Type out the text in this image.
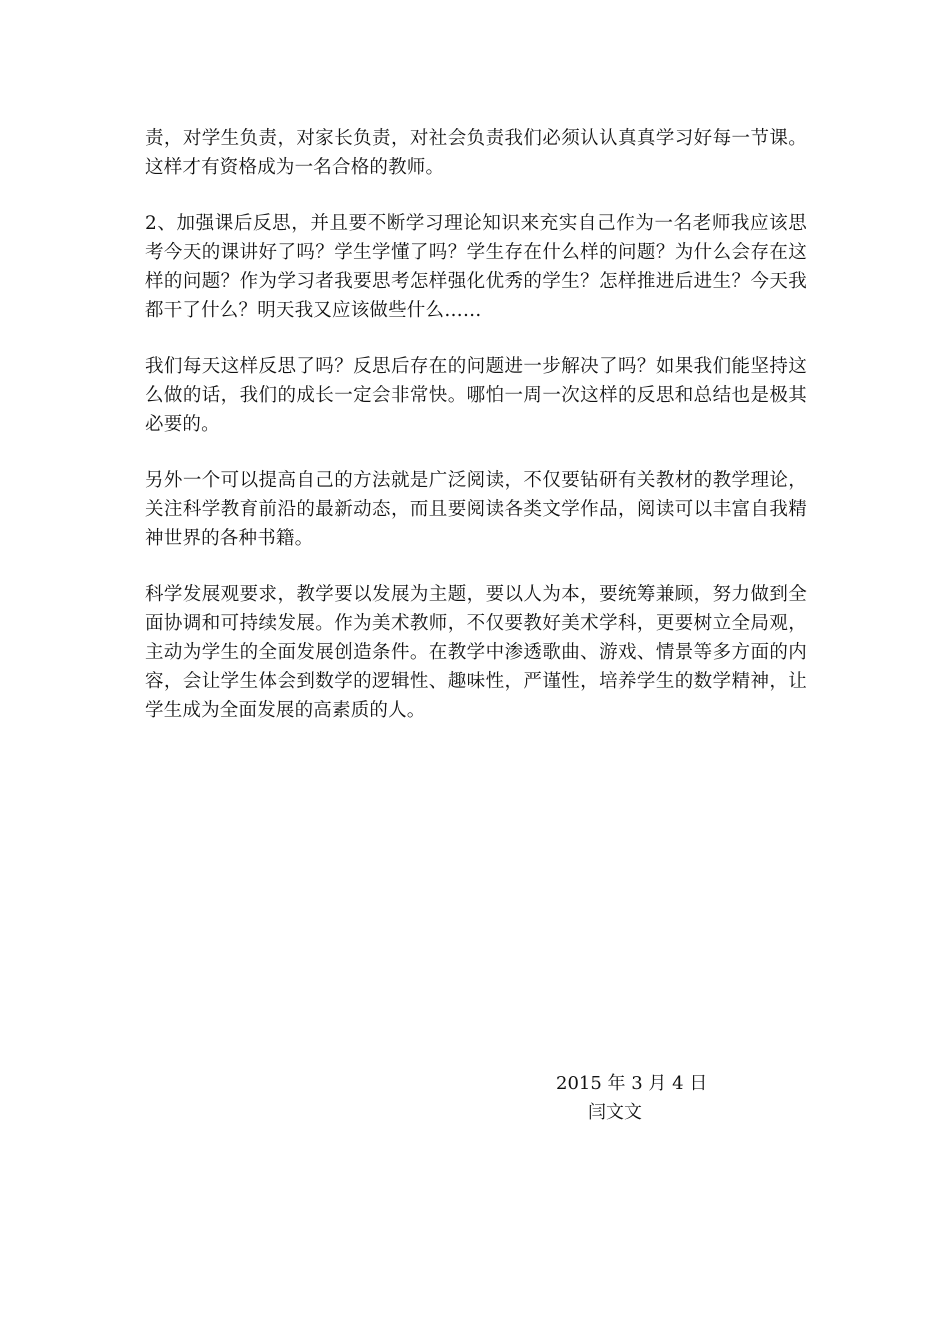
责，对学生负责，对家长负责，对社会负责我们必须认认真真学习好每一节课。这样才有资格成为一名合格的教师。

2、加强课后反思，并且要不断学习理论知识来充实自己作为一名老师我应该思考今天的课讲好了吗？学生学懂了吗？学生存在什么样的问题？为什么会存在这样的问题？作为学习者我要思考怎样强化优秀的学生？怎样推进后进生？今天我都干了什么？明天我又应该做些什么……

我们每天这样反思了吗？反思后存在的问题进一步解决了吗？如果我们能坚持这么做的话，我们的成长一定会非常快。哪怕一周一次这样的反思和总结也是极其必要的。

另外一个可以提高自己的方法就是广泛阅读，不仅要钻研有关教材的教学理论，关注科学教育前沿的最新动态，而且要阅读各类文学作品，阅读可以丰富自我精神世界的各种书籍。

科学发展观要求，教学要以发展为主题，要以人为本，要统筹兼顾，努力做到全面协调和可持续发展。作为美术教师，不仅要教好美术学科，更要树立全局观，主动为学生的全面发展创造条件。在教学中渗透歌曲、游戏、情景等多方面的内容，会让学生体会到数学的逻辑性、趣味性，严谨性，培养学生的数学精神，让学生成为全面发展的高素质的人。

2015 年 3 月 4 日
闫文文
